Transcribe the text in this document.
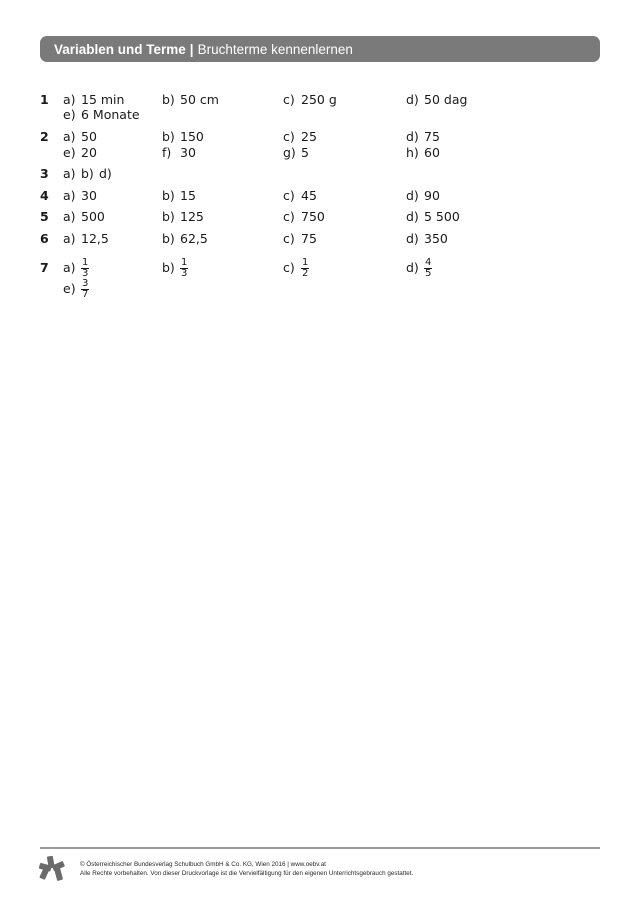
Variablen und Terme | Bruchterme kennenlernen
1 a) 15 min	b) 50 cm	c) 250 g	d) 50 dag
e) 6 Monate
2 a) 50	b) 150	c) 25	d) 75
e) 20	f) 30	g) 5	h) 60
3 a) b) d)
4 a) 30	b) 15	c) 45	d) 90
5 a) 500	b) 125	c) 750	d) 5 500
6 a) 12,5	b) 62,5	c) 75	d) 350
7 $a) \frac{1}{3}$	$b) \frac{1}{3}$	$c) \frac{1}{2}$	$d) \frac{4}{5}$
$e) \frac{3}{7}$
© Österreichischer Bundesverlag Schulbuch GmbH & Co. KG, Wien 2016 | www.oebv.at
Alle Rechte vorbehalten. Von dieser Druckvorlage ist die Vervielfältigung für den eigenen Unterrichtsgebrauch gestattet.
